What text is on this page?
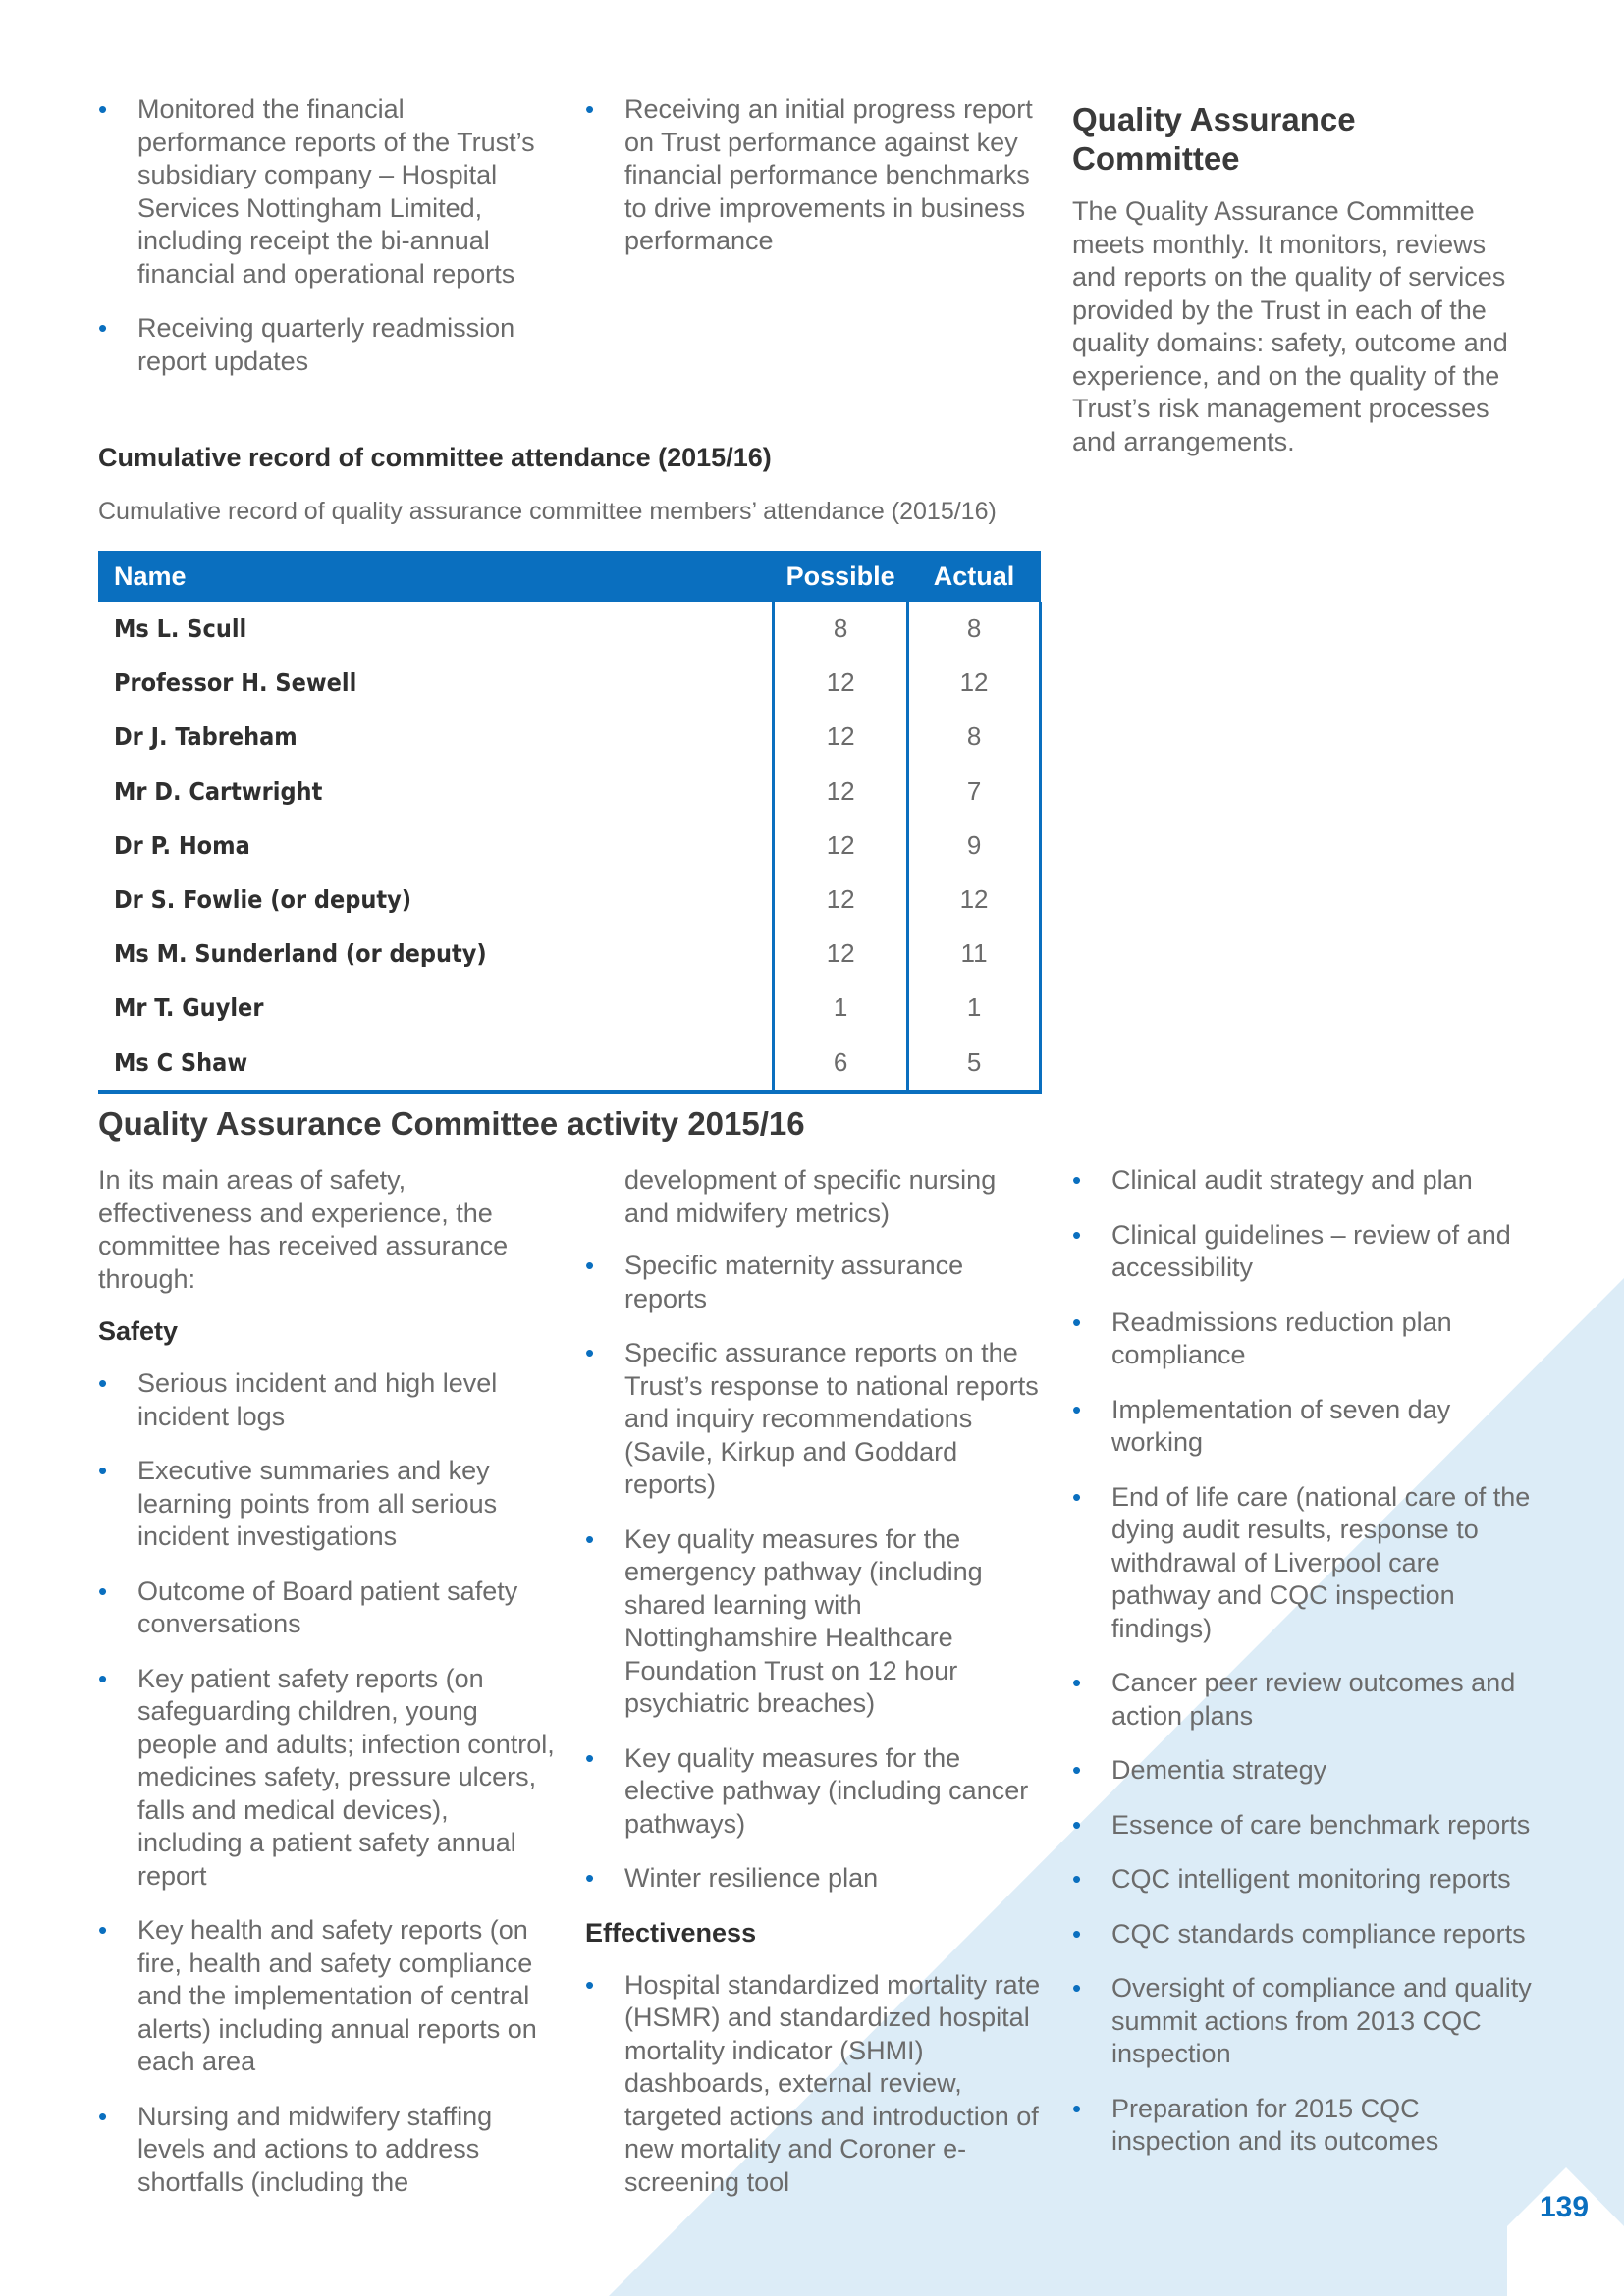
• Monitored the financial performance reports of the Trust’s subsidiary company – Hospital Services Nottingham Limited, including receipt the bi-annual financial and operational reports
• Receiving quarterly readmission report updates
• Receiving an initial progress report on Trust performance against key financial performance benchmarks to drive improvements in business performance
Quality Assurance Committee

The Quality Assurance Committee meets monthly. It monitors, reviews and reports on the quality of services provided by the Trust in each of the quality domains: safety, outcome and experience, and on the quality of the Trust’s risk management processes and arrangements.

Cumulative record of committee attendance (2015/16)
Cumulative record of quality assurance committee members’ attendance (2015/16)
Name	Possible	Actual
Ms L. Scull	8	8
Professor H. Sewell	12	12
Dr J. Tabreham	12	8
Mr D. Cartwright	12	7
Dr P. Homa	12	9
Dr S. Fowlie (or deputy)	12	12
Ms M. Sunderland (or deputy)	12	11
Mr T. Guyler	1	1
Ms C Shaw	6	5
Quality Assurance Committee activity 2015/16

In its main areas of safety, effectiveness and experience, the committee has received assurance through:

Safety
• Serious incident and high level incident logs
• Executive summaries and key learning points from all serious incident investigations
• Outcome of Board patient safety conversations
• Key patient safety reports (on safeguarding children, young people and adults; infection control, medicines safety, pressure ulcers, falls and medical devices), including a patient safety annual report
• Key health and safety reports (on fire, health and safety compliance and the implementation of central alerts) including annual reports on each area
• Nursing and midwifery staffing levels and actions to address shortfalls (including the

development of specific nursing and midwifery metrics)

• Specific maternity assurance reports
• Specific assurance reports on the Trust’s response to national reports and inquiry recommendations (Savile, Kirkup and Goddard reports)
• Key quality measures for the emergency pathway (including shared learning with Nottinghamshire Healthcare Foundation Trust on 12 hour psychiatric breaches)
• Key quality measures for the elective pathway (including cancer pathways)
• Winter resilience plan
Effectiveness
• Hospital standardized mortality rate (HSMR) and standardized hospital mortality indicator (SHMI) dashboards, external review, targeted actions and introduction of new mortality and Coroner e-screening tool
• Clinical audit strategy and plan
• Clinical guidelines – review of and accessibility
• Readmissions reduction plan compliance
• Implementation of seven day working
• End of life care (national care of the dying audit results, response to withdrawal of Liverpool care pathway and CQC inspection findings)
• Cancer peer review outcomes and action plans
• Dementia strategy
• Essence of care benchmark reports
• CQC intelligent monitoring reports
• CQC standards compliance reports
• Oversight of compliance and quality summit actions from 2013 CQC inspection
• Preparation for 2015 CQC inspection and its outcomes
139
